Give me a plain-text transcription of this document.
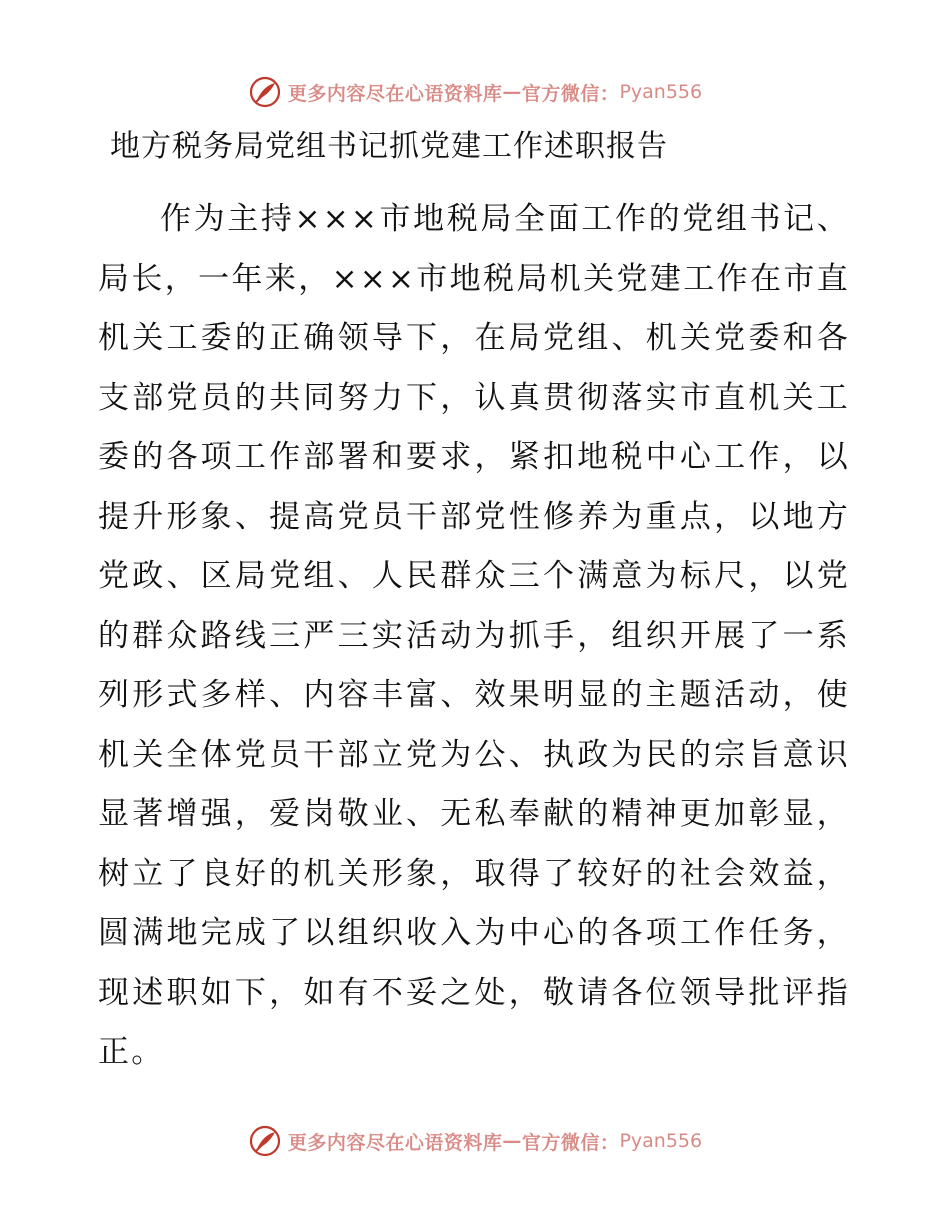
更多内容尽在心语资料库 — 官方微信： Pyan556
地方税务局党组书记抓党建工作述职报告

作为主持×××市地税局全面工作的党组书记、局长，一年来，×××市地税局机关党建工作在市直机关工委的正确领导下，在局党组、机关党委和各支部党员的共同努力下，认真贯彻落实市直机关工委的各项工作部署和要求，紧扣地税中心工作，以提升形象、提高党员干部党性修养为重点，以地方党政、区局党组、人民群众三个满意为标尺，以党的群众路线三严三实活动为抓手，组织开展了一系列形式多样、内容丰富、效果明显的主题活动，使机关全体党员干部立党为公、执政为民的宗旨意识显著增强，爱岗敬业、无私奉献的精神更加彰显，树立了良好的机关形象，取得了较好的社会效益，圆满地完成了以组织收入为中心的各项工作任务，现述职如下，如有不妥之处，敬请各位领导批评指正。

更多内容尽在心语资料库 — 官方微信： Pyan556
